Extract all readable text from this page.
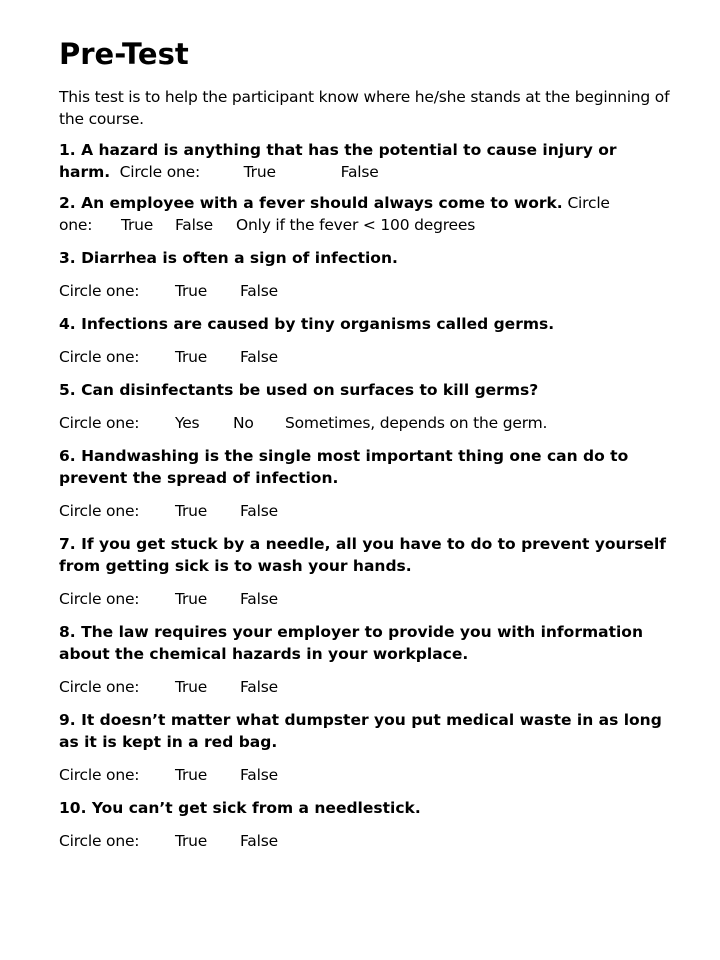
Pre-Test
This test is to help the participant know where he/she stands at the beginning of the course.
1. A hazard is anything that has the potential to cause injury or harm. Circle one:	True	False
2. An employee with a fever should always come to work. Circle one: True False Only if the fever < 100 degrees
3. Diarrhea is often a sign of infection.
Circle one:	True	False
4. Infections are caused by tiny organisms called germs.
Circle one:	True	False
5. Can disinfectants be used on surfaces to kill germs?
Circle one:	Yes	No	Sometimes, depends on the germ.
6. Handwashing is the single most important thing one can do to prevent the spread of infection.
Circle one:	True	False
7. If you get stuck by a needle, all you have to do to prevent yourself from getting sick is to wash your hands.
Circle one:	True	False
8. The law requires your employer to provide you with information about the chemical hazards in your workplace.
Circle one:	True	False
9. It doesn’t matter what dumpster you put medical waste in as long as it is kept in a red bag.
Circle one:	True	False
10. You can’t get sick from a needlestick.
Circle one:	True	False
